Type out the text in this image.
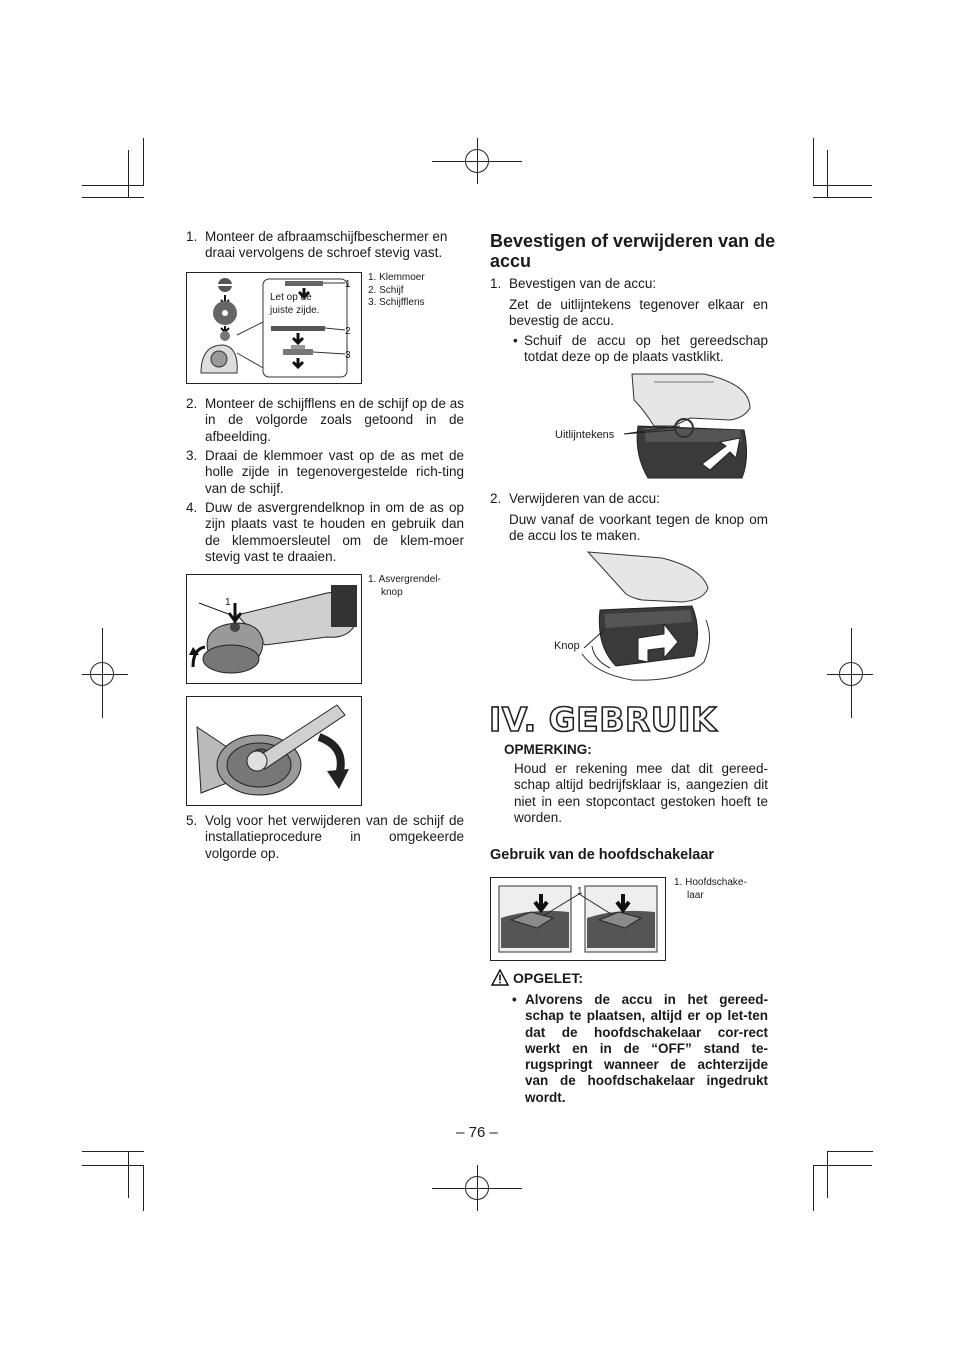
1. Monteer de afbraamschijfbeschermer en draai vervolgens de schroef stevig vast.
Let op de juiste zijde.
1
2
3
1. Klemmoer
2. Schijf
3. Schijfflens
2. Monteer de schijfflens en de schijf op de as in de volgorde zoals getoond in de afbeelding.
3. Draai de klemmoer vast op de as met de holle zijde in tegenovergestelde rich-ting van de schijf.
4. Duw de asvergrendelknop in om de as op zijn plaats vast te houden en gebruik dan de klemmoersleutel om de klem-moer stevig vast te draaien.
1
1. Asvergrendel-
knop
5. Volg voor het verwijderen van de schijf de installatieprocedure in omgekeerde volgorde op.
Bevestigen of verwijderen van de accu
1. Bevestigen van de accu:
Zet de uitlijntekens tegenover elkaar en bevestig de accu.
• Schuif de accu op het gereedschap totdat deze op de plaats vastklikt.
Uitlijntekens
2. Verwijderen van de accu:
Duw vanaf de voorkant tegen de knop om de accu los te maken.
Knop
IV. GEBRUIK
OPMERKING:
Houd er rekening mee dat dit gereed-schap altijd bedrijfsklaar is, aangezien dit niet in een stopcontact gestoken hoeft te worden.
Gebruik van de hoofdschakelaar
1
1. Hoofdschake-
laar
OPGELET:
• Alvorens de accu in het gereed-schap te plaatsen, altijd er op let-ten dat de hoofdschakelaar cor-rect werkt en in de “OFF” stand te-rugspringt wanneer de achterzijde van de hoofdschakelaar ingedrukt wordt.
– 76 –
